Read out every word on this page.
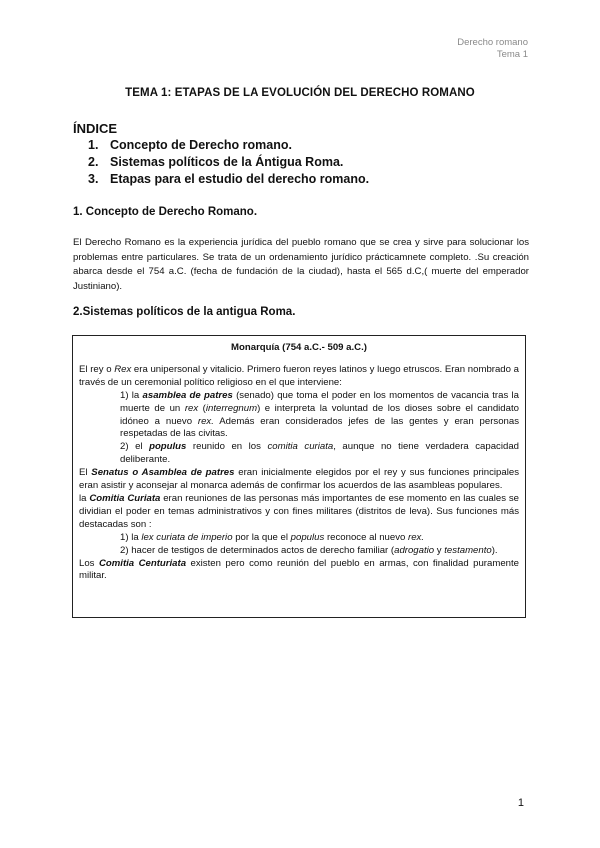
Derecho romano
Tema 1
TEMA 1: ETAPAS DE LA EVOLUCIÓN DEL DERECHO ROMANO
ÍNDICE
1. Concepto de Derecho romano.
2. Sistemas políticos de la Ántigua Roma.
3. Etapas para el estudio del derecho romano.
1. Concepto de Derecho Romano.
El Derecho Romano es la experiencia jurídica del pueblo romano que se crea y sirve para solucionar los problemas entre particulares. Se trata de un ordenamiento jurídico prácticamnete completo. .Su creación abarca desde el 754 a.C. (fecha de fundación de la ciudad), hasta el 565 d.C,( muerte del emperador Justiniano).
2.Sistemas políticos de la antigua Roma.
Monarquía (754 a.C.- 509 a.C.)

El rey o Rex era unipersonal y vitalicio. Primero fueron reyes latinos y luego etruscos. Eran nombrado a través de un ceremonial político religioso en el que interviene:

1) la asamblea de patres (senado) que toma el poder en los momentos de vacancia tras la muerte de un rex (interregnum) e interpreta la voluntad de los dioses sobre el candidato idóneo a nuevo rex. Además eran considerados jefes de las gentes y eran personas respetadas de las civitas.

2) el populus reunido en los comitia curiata, aunque no tiene verdadera capacidad deliberante.

El Senatus o Asamblea de patres eran inicialmente elegidos por el rey y sus funciones principales eran asistir y aconsejar al monarca además de confirmar los acuerdos de las asambleas populares.

la Comitia Curiata eran reuniones de las personas más importantes de ese momento en las cuales se dividian el poder en temas administrativos y con fines militares (distritos de leva). Sus funciones más destacadas son :

1) la lex curiata de imperio por la que el populus reconoce al nuevo rex.

2) hacer de testigos de determinados actos de derecho familiar (adrogatio y testamento).

Los Comitia Centuriata existen pero como reunión del pueblo en armas, con finalidad puramente militar.

1
